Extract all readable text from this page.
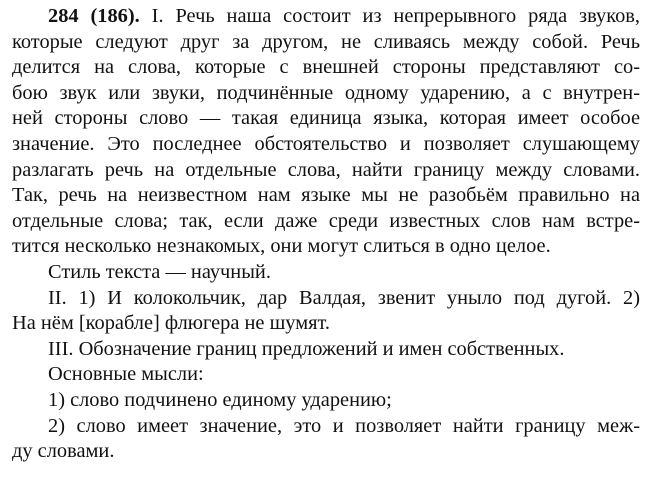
284 (186). I. Речь наша состоит из непрерывного ряда звуков,
которые следуют друг за другом, не сливаясь между собой. Речь
делится на слова, которые с внешней стороны представляют со-
бою звук или звуки, подчинённые одному ударению, а с внутрен-
ней стороны слово — такая единица языка, которая имеет особое
значение. Это последнее обстоятельство и позволяет слушающему
разлагать речь на отдельные слова, найти границу между словами.
Так, речь на неизвестном нам языке мы не разобьём правильно на
отдельные слова; так, если даже среди известных слов нам встре-
тится несколько незнакомых, они могут слиться в одно целое.
Стиль текста — научный.
II. 1) И колокольчик, дар Валдая, звенит уныло под дугой. 2)
На нём [корабле] флюгера не шумят.
III. Обозначение границ предложений и имен собственных.
Основные мысли:
1) слово подчинено единому ударению;
2) слово имеет значение, это и позволяет найти границу меж-
ду словами.
